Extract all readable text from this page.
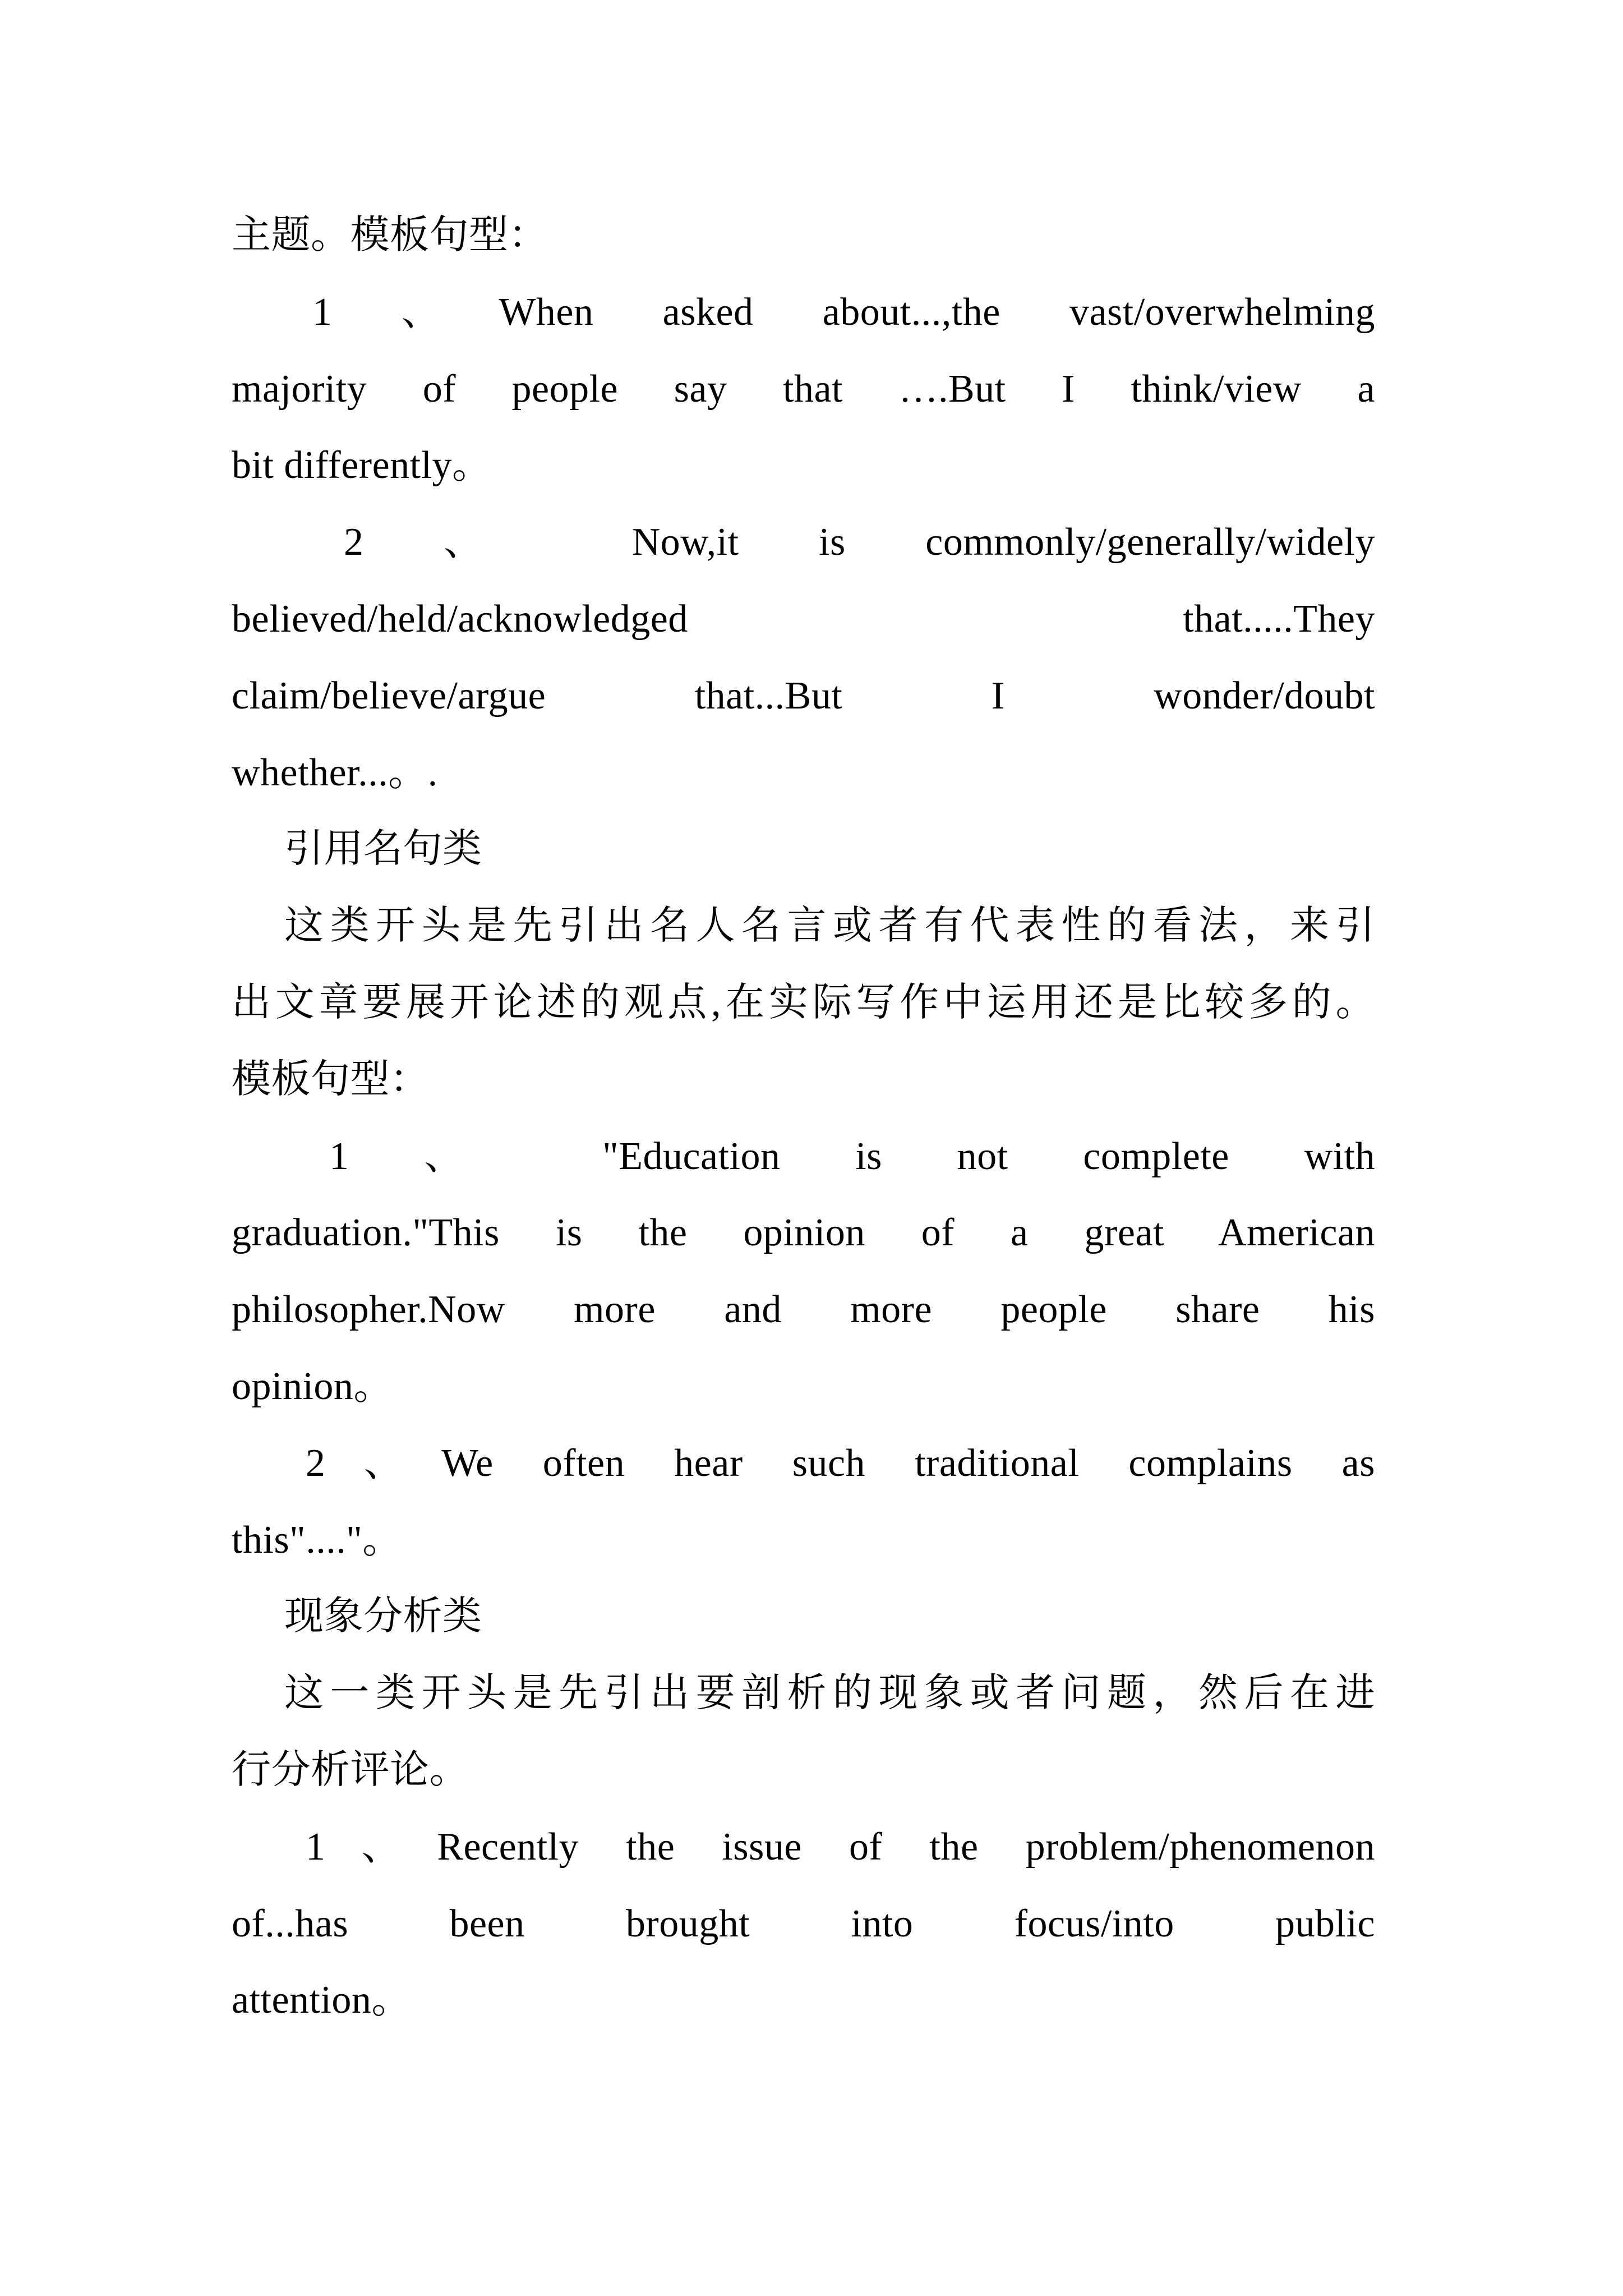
主题。模板句型：
1 、When asked about...,the vast/overwhelming
majority of people say that ….But I think/view a
bit differently。
2 、 Now,it is commonly/generally/widely
believed/held/acknowledged that.....They
claim/believe/argue that...But I wonder/doubt
whether...。.
引用名句类
这类开头是先引出名人名言或者有代表性的看法，来引
出文章要展开论述的观点,在实际写作中运用还是比较多的。
模板句型：
1 、 "Education is not complete with
graduation."This is the opinion of a great American
philosopher.Now more and more people share his
opinion。
2、We often hear such traditional complains as
this"...."。
现象分析类
这一类开头是先引出要剖析的现象或者问题，然后在进
行分析评论。
1、Recently the issue of the problem/phenomenon
of...has been brought into focus/into public
attention。
